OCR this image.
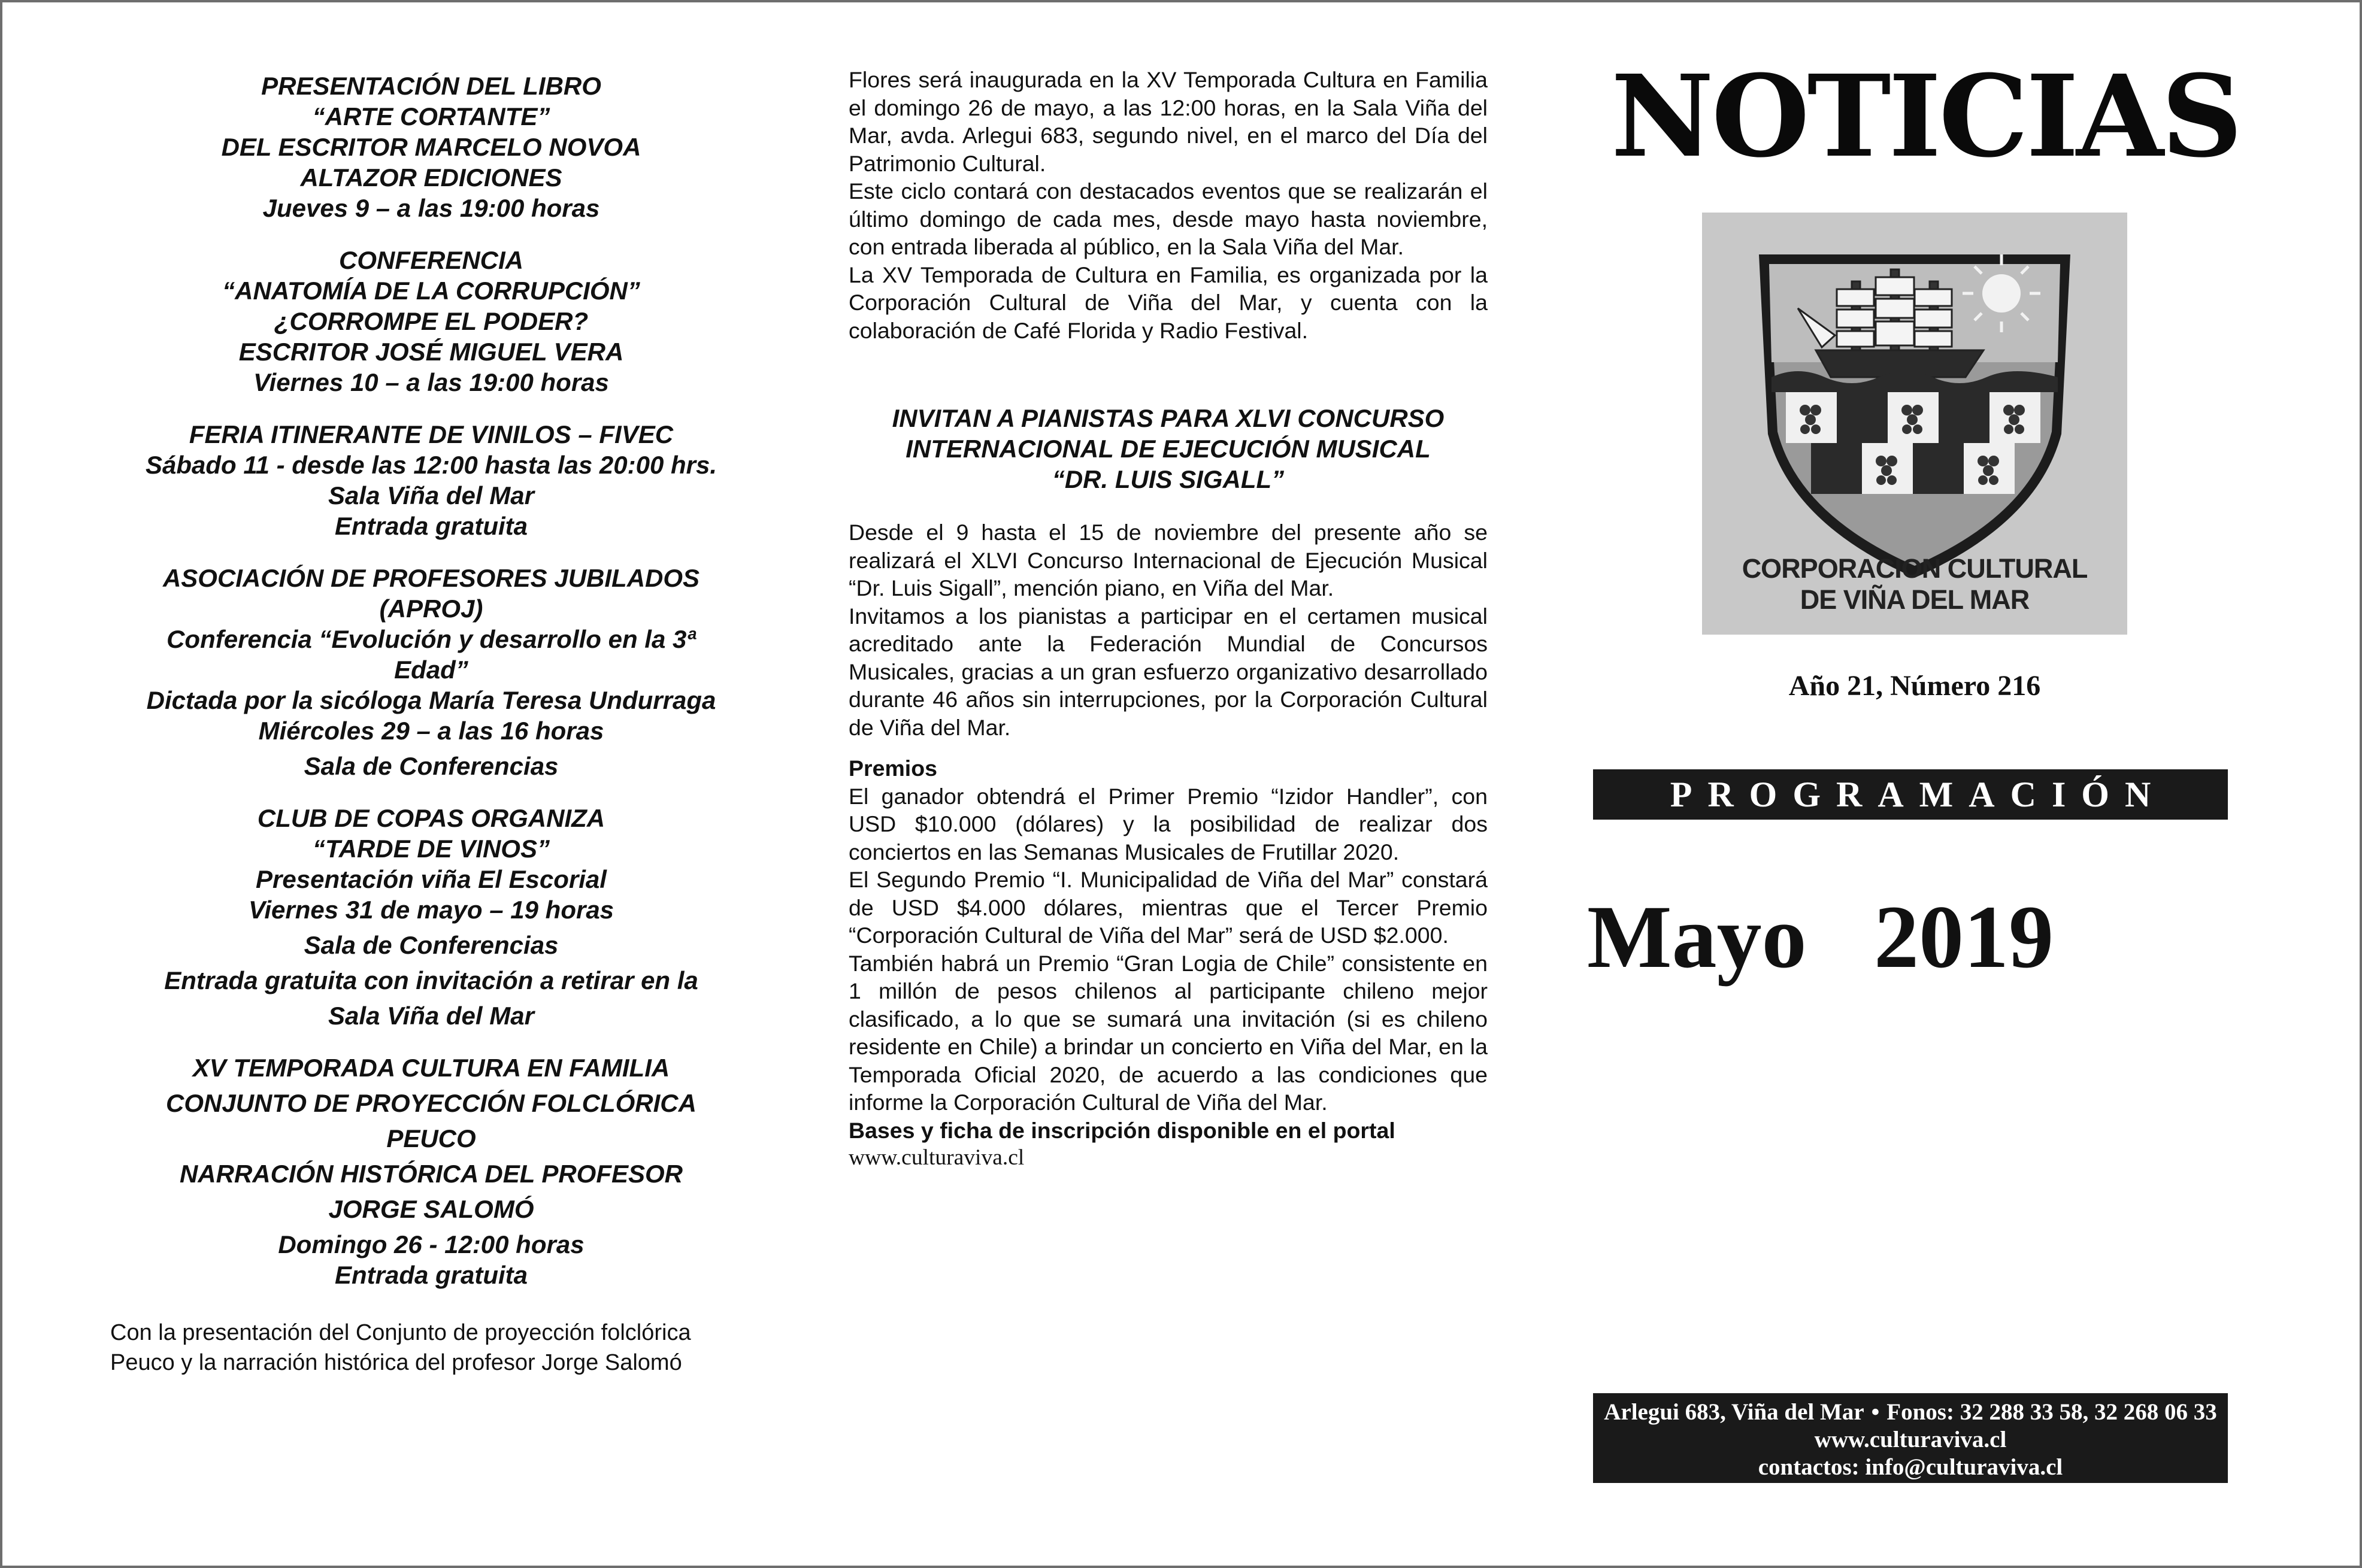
PRESENTACIÓN DEL LIBRO

“ARTE CORTANTE”

DEL ESCRITOR MARCELO NOVOA

ALTAZOR EDICIONES

Jueves 9 – a las 19:00 horas

CONFERENCIA

“ANATOMÍA DE LA CORRUPCIÓN”

¿CORROMPE EL PODER?

ESCRITOR JOSÉ MIGUEL VERA

Viernes 10 – a las 19:00 horas

FERIA ITINERANTE DE VINILOS – FIVEC

Sábado 11 - desde las 12:00 hasta las 20:00 hrs.

Sala Viña del Mar

Entrada gratuita

ASOCIACIÓN DE PROFESORES JUBILADOS

(APROJ)

Conferencia “Evolución y desarrollo en la 3ª

Edad”

Dictada por la sicóloga María Teresa Undurraga

Miércoles 29 – a las 16 horas

Sala de Conferencias

CLUB DE COPAS ORGANIZA

“TARDE DE VINOS”

Presentación viña El Escorial

Viernes 31 de mayo – 19 horas

Sala de Conferencias

Entrada gratuita con invitación a retirar en la

Sala Viña del Mar

XV TEMPORADA CULTURA EN FAMILIA

CONJUNTO DE PROYECCIÓN FOLCLÓRICA

PEUCO

NARRACIÓN HISTÓRICA DEL PROFESOR

JORGE SALOMÓ

Domingo 26 - 12:00 horas

Entrada gratuita

Con la presentación del Conjunto de proyección folclórica
Peuco y la narración histórica del profesor Jorge Salomó

Flores será inaugurada en la XV Temporada Cultura en Familia el domingo 26 de mayo, a las 12:00 horas, en la Sala Viña del Mar, avda. Arlegui 683, segundo nivel, en el marco del Día del Patrimonio Cultural.

Este ciclo contará con destacados eventos que se realizarán el último domingo de cada mes, desde mayo hasta noviembre, con entrada liberada al público, en la Sala Viña del Mar.

La XV Temporada de Cultura en Familia, es organizada por la Corporación Cultural de Viña del Mar, y cuenta con la colaboración de Café Florida y Radio Festival.

INVITAN A PIANISTAS PARA XLVI CONCURSO

INTERNACIONAL DE EJECUCIÓN MUSICAL

“DR. LUIS SIGALL”

Desde el 9 hasta el 15 de noviembre del presente año se realizará el XLVI Concurso Internacional de Ejecución Musical “Dr. Luis Sigall”, mención piano, en Viña del Mar.

Invitamos a los pianistas a participar en el certamen musical acreditado ante la Federación Mundial de Concursos Musicales, gracias a un gran esfuerzo organizativo desarrollado durante 46 años sin interrupciones, por la Corporación Cultural de Viña del Mar.

Premios

El ganador obtendrá el Primer Premio “Izidor Handler”, con USD $10.000 (dólares) y la posibilidad de realizar dos conciertos en las Semanas Musicales de Frutillar 2020.

El Segundo Premio “I. Municipalidad de Viña del Mar” constará de USD $4.000 dólares, mientras que el Tercer Premio “Corporación Cultural de Viña del Mar” será de USD $2.000.

También habrá un Premio “Gran Logia de Chile” consistente en 1 millón de pesos chilenos al participante chileno mejor clasificado, a lo que se sumará una invitación (si es chileno residente en Chile) a brindar un concierto en Viña del Mar, en la Temporada Oficial 2020, de acuerdo a las condiciones que informe la Corporación Cultural de Viña del Mar.

Bases y ficha de inscripción disponible en el portal

www.culturaviva.cl

NOTICIAS
CORPORACION CULTURAL
DE VIÑA DEL MAR
Año 21, Número 216
PROGRAMACIÓN
Mayo 2019
Arlegui 683, Viña del Mar • Fonos: 32 288 33 58, 32 268 06 33
www.culturaviva.cl
contactos: info@culturaviva.cl
